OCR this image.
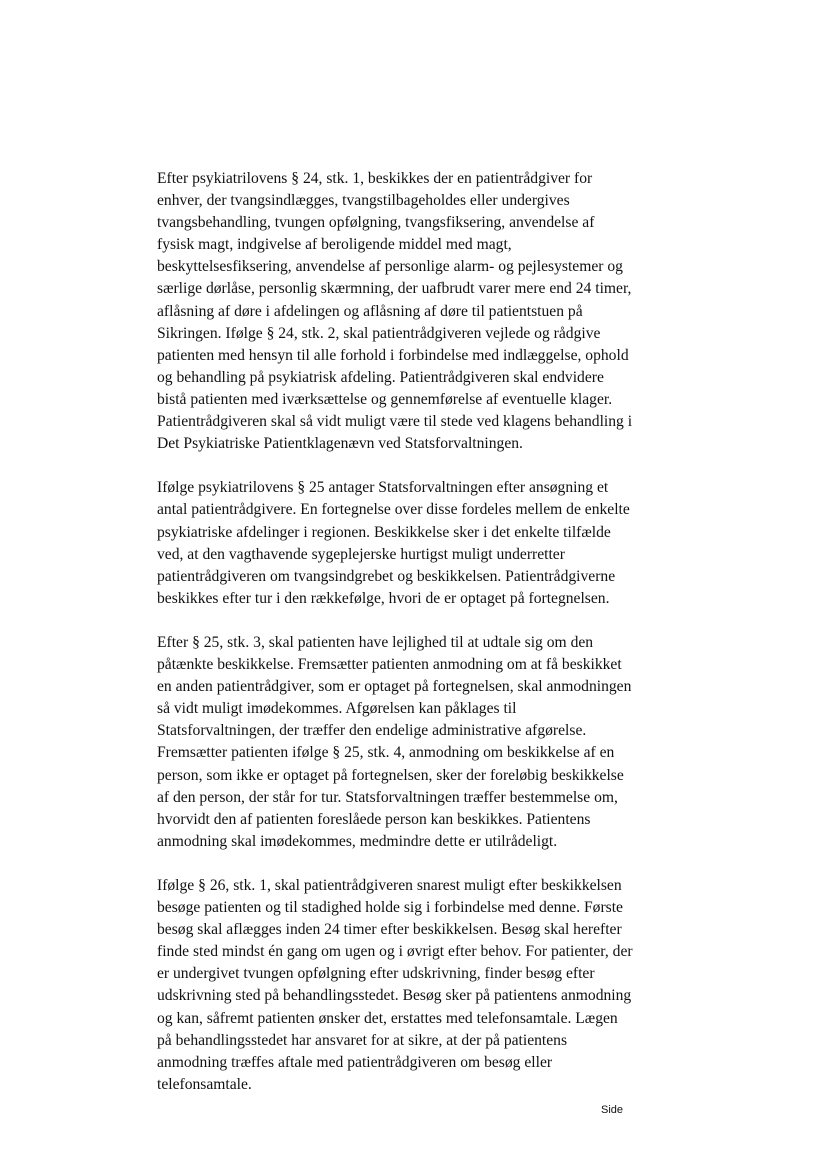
Efter psykiatrilovens § 24, stk. 1, beskikkes der en patientrådgiver for
enhver, der tvangsindlægges, tvangstilbageholdes eller undergives
tvangsbehandling, tvungen opfølgning, tvangsfiksering, anvendelse af
fysisk magt, indgivelse af beroligende middel med magt,
beskyttelsesfiksering, anvendelse af personlige alarm- og pejlesystemer og
særlige dørlåse, personlig skærmning, der uafbrudt varer mere end 24 timer,
aflåsning af døre i afdelingen og aflåsning af døre til patientstuen på
Sikringen. Ifølge § 24, stk. 2, skal patientrådgiveren vejlede og rådgive
patienten med hensyn til alle forhold i forbindelse med indlæggelse, ophold
og behandling på psykiatrisk afdeling. Patientrådgiveren skal endvidere
bistå patienten med iværksættelse og gennemførelse af eventuelle klager.
Patientrådgiveren skal så vidt muligt være til stede ved klagens behandling i
Det Psykiatriske Patientklagenævn ved Statsforvaltningen.
Ifølge psykiatrilovens § 25 antager Statsforvaltningen efter ansøgning et
antal patientrådgivere. En fortegnelse over disse fordeles mellem de enkelte
psykiatriske afdelinger i regionen. Beskikkelse sker i det enkelte tilfælde
ved, at den vagthavende sygeplejerske hurtigst muligt underretter
patientrådgiveren om tvangsindgrebet og beskikkelsen. Patientrådgiverne
beskikkes efter tur i den rækkefølge, hvori de er optaget på fortegnelsen.
Efter § 25, stk. 3, skal patienten have lejlighed til at udtale sig om den
påtænkte beskikkelse. Fremsætter patienten anmodning om at få beskikket
en anden patientrådgiver, som er optaget på fortegnelsen, skal anmodningen
så vidt muligt imødekommes. Afgørelsen kan påklages til
Statsforvaltningen, der træffer den endelige administrative afgørelse.
Fremsætter patienten ifølge § 25, stk. 4, anmodning om beskikkelse af en
person, som ikke er optaget på fortegnelsen, sker der foreløbig beskikkelse
af den person, der står for tur. Statsforvaltningen træffer bestemmelse om,
hvorvidt den af patienten foreslåede person kan beskikkes. Patientens
anmodning skal imødekommes, medmindre dette er utilrådeligt.
Ifølge § 26, stk. 1, skal patientrådgiveren snarest muligt efter beskikkelsen
besøge patienten og til stadighed holde sig i forbindelse med denne. Første
besøg skal aflægges inden 24 timer efter beskikkelsen. Besøg skal herefter
finde sted mindst én gang om ugen og i øvrigt efter behov. For patienter, der
er undergivet tvungen opfølgning efter udskrivning, finder besøg efter
udskrivning sted på behandlingsstedet. Besøg sker på patientens anmodning
og kan, såfremt patienten ønsker det, erstattes med telefonsamtale. Lægen
på behandlingsstedet har ansvaret for at sikre, at der på patientens
anmodning træffes aftale med patientrådgiveren om besøg eller
telefonsamtale.
Side
